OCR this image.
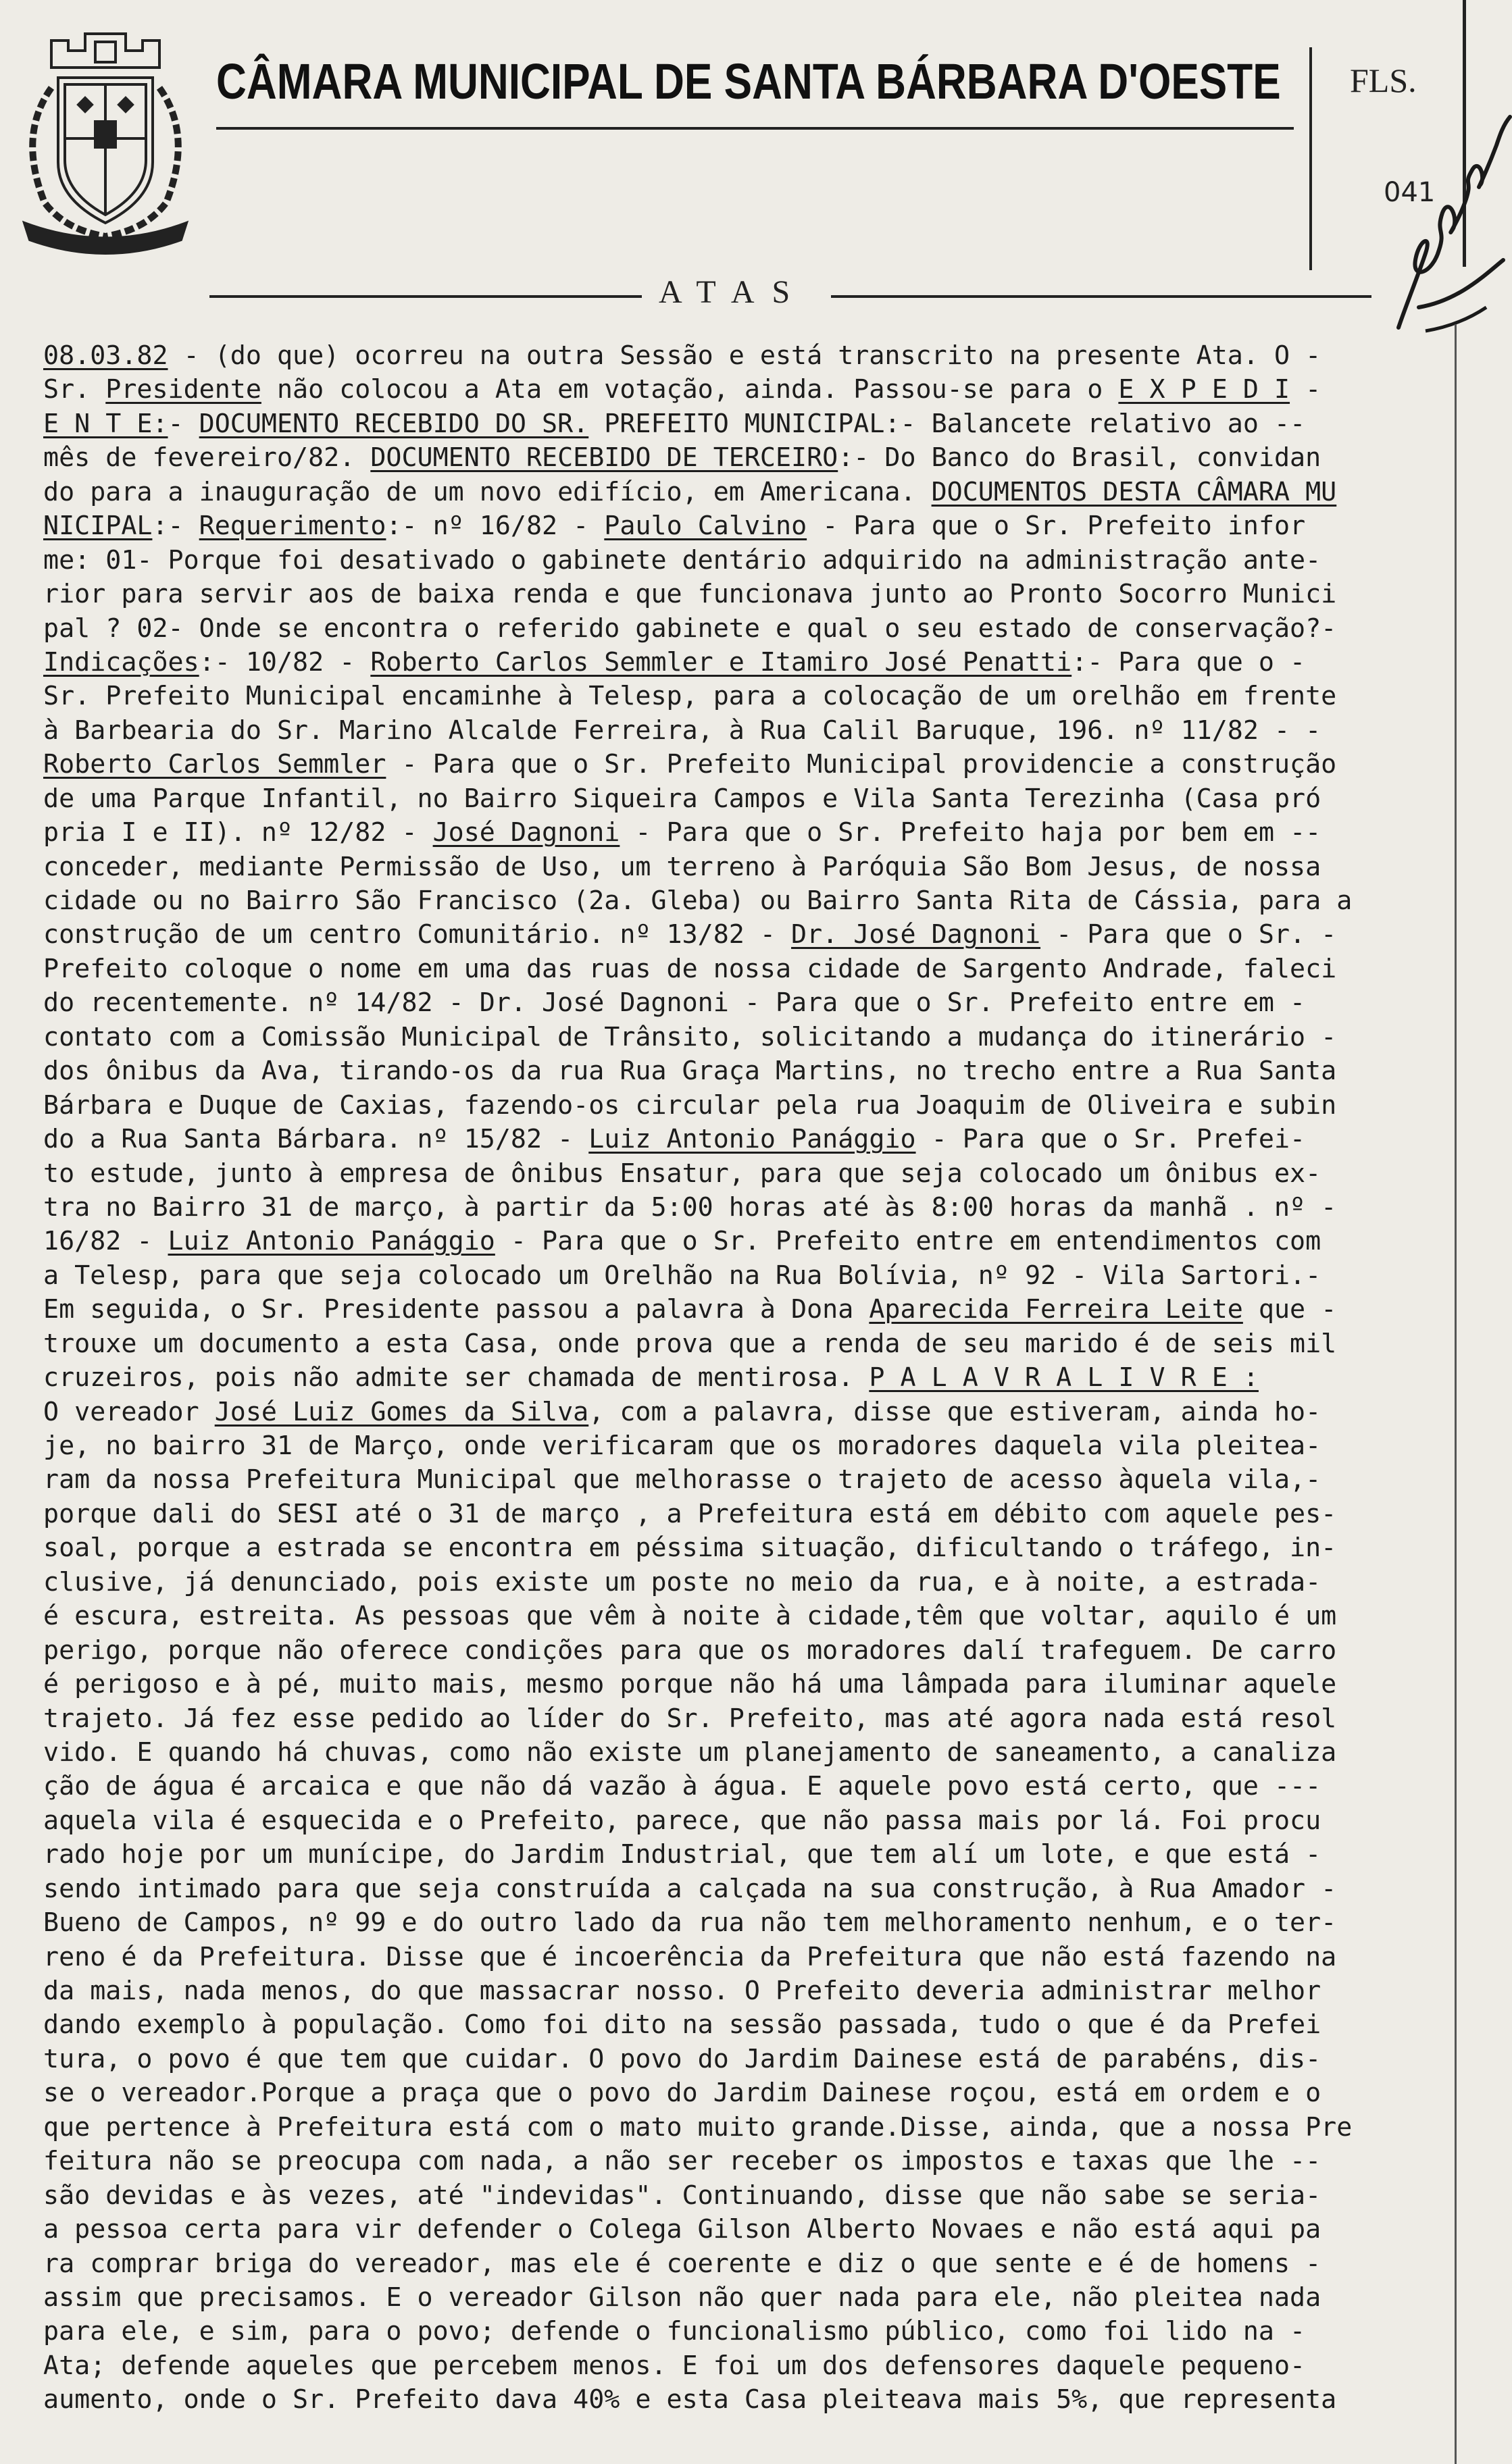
CÂMARA MUNICIPAL DE SANTA BÁRBARA D'OESTE FLS.
041
ATAS
08.03.82 - (do que) ocorreu na outra Sessão e está transcrito na presente Ata. O -
Sr. Presidente não colocou a Ata em votação, ainda. Passou-se para o E X P E D I -
E N T E:- DOCUMENTO RECEBIDO DO SR. PREFEITO MUNICIPAL:- Balancete relativo ao --
mês de fevereiro/82. DOCUMENTO RECEBIDO DE TERCEIRO:- Do Banco do Brasil, convidan
do para a inauguração de um novo edifício, em Americana. DOCUMENTOS DESTA CÂMARA MU
NICIPAL:- Requerimento:- nº 16/82 - Paulo Calvino - Para que o Sr. Prefeito infor
me: 01- Porque foi desativado o gabinete dentário adquirido na administração ante-
rior para servir aos de baixa renda e que funcionava junto ao Pronto Socorro Munici
pal ? 02- Onde se encontra o referido gabinete e qual o seu estado de conservação?-
Indicações:- 10/82 - Roberto Carlos Semmler e Itamiro José Penatti:- Para que o -
Sr. Prefeito Municipal encaminhe à Telesp, para a colocação de um orelhão em frente
à Barbearia do Sr. Marino Alcalde Ferreira, à Rua Calil Baruque, 196. nº 11/82 - -
Roberto Carlos Semmler - Para que o Sr. Prefeito Municipal providencie a construção
de uma Parque Infantil, no Bairro Siqueira Campos e Vila Santa Terezinha (Casa pró
pria I e II). nº 12/82 - José Dagnoni - Para que o Sr. Prefeito haja por bem em --
conceder, mediante Permissão de Uso, um terreno à Paróquia São Bom Jesus, de nossa
cidade ou no Bairro São Francisco (2a. Gleba) ou Bairro Santa Rita de Cássia, para a
construção de um centro Comunitário. nº 13/82 - Dr. José Dagnoni - Para que o Sr. -
Prefeito coloque o nome em uma das ruas de nossa cidade de Sargento Andrade, faleci
do recentemente. nº 14/82 - Dr. José Dagnoni - Para que o Sr. Prefeito entre em -
contato com a Comissão Municipal de Trânsito, solicitando a mudança do itinerário -
dos ônibus da Ava, tirando-os da rua Rua Graça Martins, no trecho entre a Rua Santa
Bárbara e Duque de Caxias, fazendo-os circular pela rua Joaquim de Oliveira e subin
do a Rua Santa Bárbara. nº 15/82 - Luiz Antonio Panággio - Para que o Sr. Prefei-
to estude, junto à empresa de ônibus Ensatur, para que seja colocado um ônibus ex-
tra no Bairro 31 de março, à partir da 5:00 horas até às 8:00 horas da manhã . nº -
16/82 - Luiz Antonio Panággio - Para que o Sr. Prefeito entre em entendimentos com
a Telesp, para que seja colocado um Orelhão na Rua Bolívia, nº 92 - Vila Sartori.-
Em seguida, o Sr. Presidente passou a palavra à Dona Aparecida Ferreira Leite que -
trouxe um documento a esta Casa, onde prova que a renda de seu marido é de seis mil
cruzeiros, pois não admite ser chamada de mentirosa. P A L A V R A L I V R E :
O vereador José Luiz Gomes da Silva, com a palavra, disse que estiveram, ainda ho-
je, no bairro 31 de Março, onde verificaram que os moradores daquela vila pleitea-
ram da nossa Prefeitura Municipal que melhorasse o trajeto de acesso àquela vila,-
porque dali do SESI até o 31 de março , a Prefeitura está em débito com aquele pes-
soal, porque a estrada se encontra em péssima situação, dificultando o tráfego, in-
clusive, já denunciado, pois existe um poste no meio da rua, e à noite, a estrada-
é escura, estreita. As pessoas que vêm à noite à cidade,têm que voltar, aquilo é um
perigo, porque não oferece condições para que os moradores dalí trafeguem. De carro
é perigoso e à pé, muito mais, mesmo porque não há uma lâmpada para iluminar aquele
trajeto. Já fez esse pedido ao líder do Sr. Prefeito, mas até agora nada está resol
vido. E quando há chuvas, como não existe um planejamento de saneamento, a canaliza
ção de água é arcaica e que não dá vazão à água. E aquele povo está certo, que ---
aquela vila é esquecida e o Prefeito, parece, que não passa mais por lá. Foi procu
rado hoje por um munícipe, do Jardim Industrial, que tem alí um lote, e que está -
sendo intimado para que seja construída a calçada na sua construção, à Rua Amador -
Bueno de Campos, nº 99 e do outro lado da rua não tem melhoramento nenhum, e o ter-
reno é da Prefeitura. Disse que é incoerência da Prefeitura que não está fazendo na
da mais, nada menos, do que massacrar nosso. O Prefeito deveria administrar melhor
dando exemplo à população. Como foi dito na sessão passada, tudo o que é da Prefei
tura, o povo é que tem que cuidar. O povo do Jardim Dainese está de parabéns, dis-
se o vereador.Porque a praça que o povo do Jardim Dainese roçou, está em ordem e o
que pertence à Prefeitura está com o mato muito grande.Disse, ainda, que a nossa Pre
feitura não se preocupa com nada, a não ser receber os impostos e taxas que lhe --
são devidas e às vezes, até "indevidas". Continuando, disse que não sabe se seria-
a pessoa certa para vir defender o Colega Gilson Alberto Novaes e não está aqui pa
ra comprar briga do vereador, mas ele é coerente e diz o que sente e é de homens -
assim que precisamos. E o vereador Gilson não quer nada para ele, não pleitea nada
para ele, e sim, para o povo; defende o funcionalismo público, como foi lido na -
Ata; defende aqueles que percebem menos. E foi um dos defensores daquele pequeno-
aumento, onde o Sr. Prefeito dava 40% e esta Casa pleiteava mais 5%, que representa
